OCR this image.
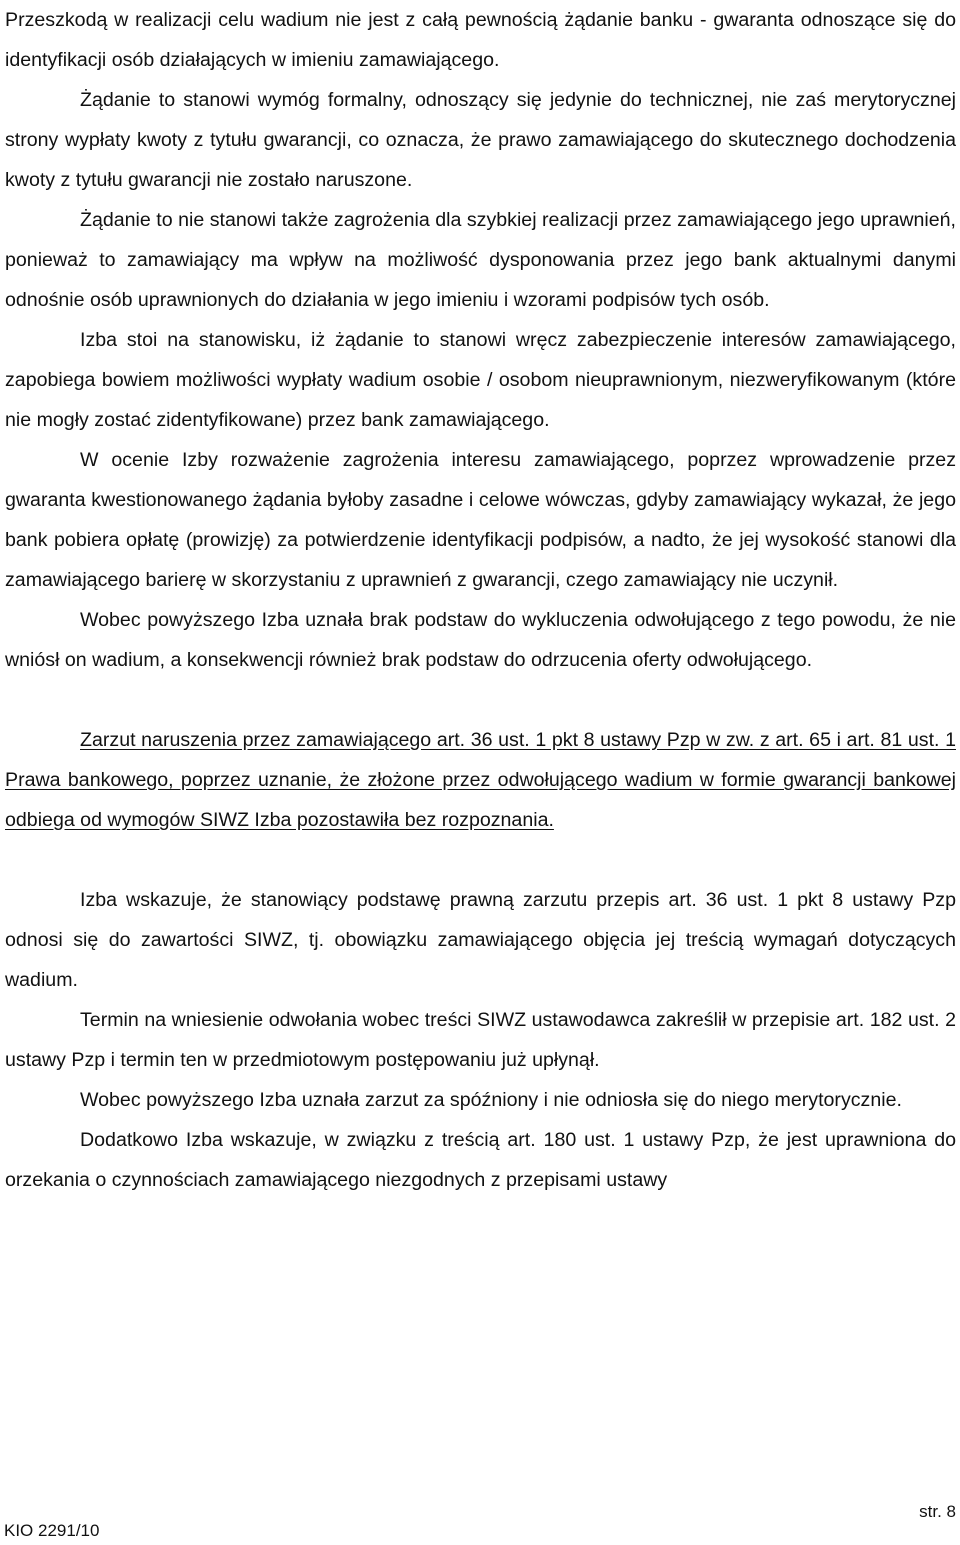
Przeszkodą w realizacji celu wadium nie jest z całą pewnością żądanie banku - gwaranta odnoszące się do identyfikacji osób działających w imieniu zamawiającego.

Żądanie to stanowi wymóg formalny, odnoszący się jedynie do technicznej, nie zaś merytorycznej strony wypłaty kwoty z tytułu gwarancji, co oznacza, że prawo zamawiającego do skutecznego dochodzenia kwoty z tytułu gwarancji nie zostało naruszone.

Żądanie to nie stanowi także zagrożenia dla szybkiej realizacji przez zamawiającego jego uprawnień, ponieważ to zamawiający ma wpływ na możliwość dysponowania przez jego bank aktualnymi danymi odnośnie osób uprawnionych do działania w jego imieniu i wzorami podpisów tych osób.

Izba stoi na stanowisku, iż żądanie to stanowi wręcz zabezpieczenie interesów zamawiającego, zapobiega bowiem możliwości wypłaty wadium osobie / osobom nieuprawnionym, niezweryfikowanym (które nie mogły zostać zidentyfikowane) przez bank zamawiającego.

W ocenie Izby rozważenie zagrożenia interesu zamawiającego, poprzez wprowadzenie przez gwaranta kwestionowanego żądania byłoby zasadne i celowe wówczas, gdyby zamawiający wykazał, że jego bank pobiera opłatę (prowizję) za potwierdzenie identyfikacji podpisów, a nadto, że jej wysokość stanowi dla zamawiającego barierę w skorzystaniu z uprawnień z gwarancji, czego zamawiający nie uczynił.

Wobec powyższego Izba uznała brak podstaw do wykluczenia odwołującego z tego powodu, że nie wniósł on wadium, a konsekwencji również brak podstaw do odrzucenia oferty odwołującego.

Zarzut naruszenia przez zamawiającego art. 36 ust. 1 pkt 8 ustawy Pzp w zw. z art. 65 i art. 81 ust. 1 Prawa bankowego, poprzez uznanie, że złożone przez odwołującego wadium w formie gwarancji bankowej odbiega od wymogów SIWZ Izba pozostawiła bez rozpoznania.

Izba wskazuje, że stanowiący podstawę prawną zarzutu przepis art. 36 ust. 1 pkt 8 ustawy Pzp odnosi się do zawartości SIWZ, tj. obowiązku zamawiającego objęcia jej treścią wymagań dotyczących wadium.

Termin na wniesienie odwołania wobec treści SIWZ ustawodawca zakreślił w przepisie art. 182 ust. 2 ustawy Pzp i termin ten w przedmiotowym postępowaniu już upłynął.

Wobec powyższego Izba uznała zarzut za spóźniony i nie odniosła się do niego merytorycznie.

Dodatkowo Izba wskazuje, w związku z treścią art. 180 ust. 1 ustawy Pzp, że jest uprawniona do orzekania o czynnościach zamawiającego niezgodnych z przepisami ustawy

KIO 2291/10
str. 8
